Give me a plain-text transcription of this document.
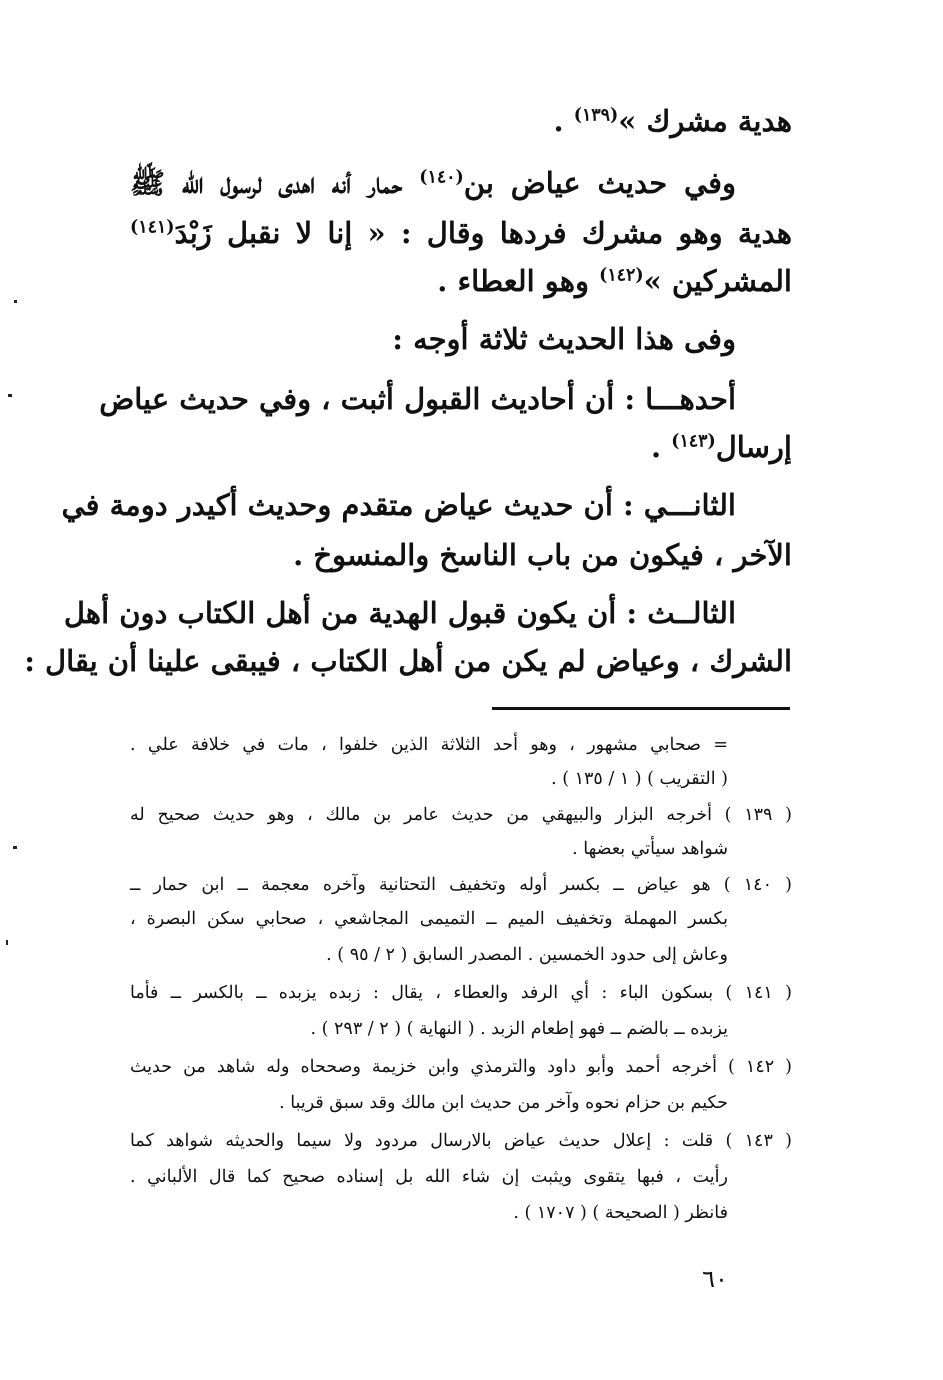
هدية مشرك »$^{(١٣٩)}$ .
وفي حديث عياض بن$^{(١٤٠)}$ حمار أنه اهدى لرسول الله ﷺ
هدية وهو مشرك فردها وقال : « إنا لا نقبل زَبْدَ$^{(١٤١)}$
المشركين »$^{(١٤٢)}$ وهو العطاء .
وفى هذا الحديث ثلاثة أوجه :
أحدهـــا : أن أحاديث القبول أثبت ، وفي حديث عياض
إرسال$^{(١٤٣)}$ .
الثانـــي : أن حديث عياض متقدم وحديث أكيدر دومة في
الآخر ، فيكون من باب الناسخ والمنسوخ .
الثالــث : أن يكون قبول الهدية من أهل الكتاب دون أهل
الشرك ، وعياض لم يكن من أهل الكتاب ، فيبقى علينا أن يقال :
= صحابي مشهور ، وهو أحد الثلاثة الذين خلفوا ، مات في خلافة علي .
( التقريب ) ( ١ / ١٣٥ ) .
( ١٣٩ ) أخرجه البزار والبيهقي من حديث عامر بن مالك ، وهو حديث صحيح له
شواهد سيأتي بعضها .
( ١٤٠ ) هو عياض ــ بكسر أوله وتخفيف التحتانية وآخره معجمة ــ ابن حمار ــ
بكسر المهملة وتخفيف الميم ــ التميمى المجاشعي ، صحابي سكن البصرة ،
وعاش إلى حدود الخمسين . المصدر السابق ( ٢ / ٩٥ ) .
( ١٤١ ) بسكون الباء : أي الرفد والعطاء ، يقال : زبده يزبده ــ بالكسر ــ فأما
يزبده ــ بالضم ــ فهو إطعام الزبد . ( النهاية ) ( ٢ / ٢٩٣ ) .
( ١٤٢ ) أخرجه أحمد وأبو داود والترمذي وابن خزيمة وصححاه وله شاهد من حديث
حكيم بن حزام نحوه وآخر من حديث ابن مالك وقد سبق قريبا .
( ١٤٣ ) قلت : إعلال حديث عياض بالارسال مردود ولا سيما والحديثه شواهد كما
رأيت ، فبها يتقوى ويثبت إن شاء الله بل إسناده صحيح كما قال الألباني .
فانظر ( الصحيحة ) ( ١٧٠٧ ) .
٦٠
